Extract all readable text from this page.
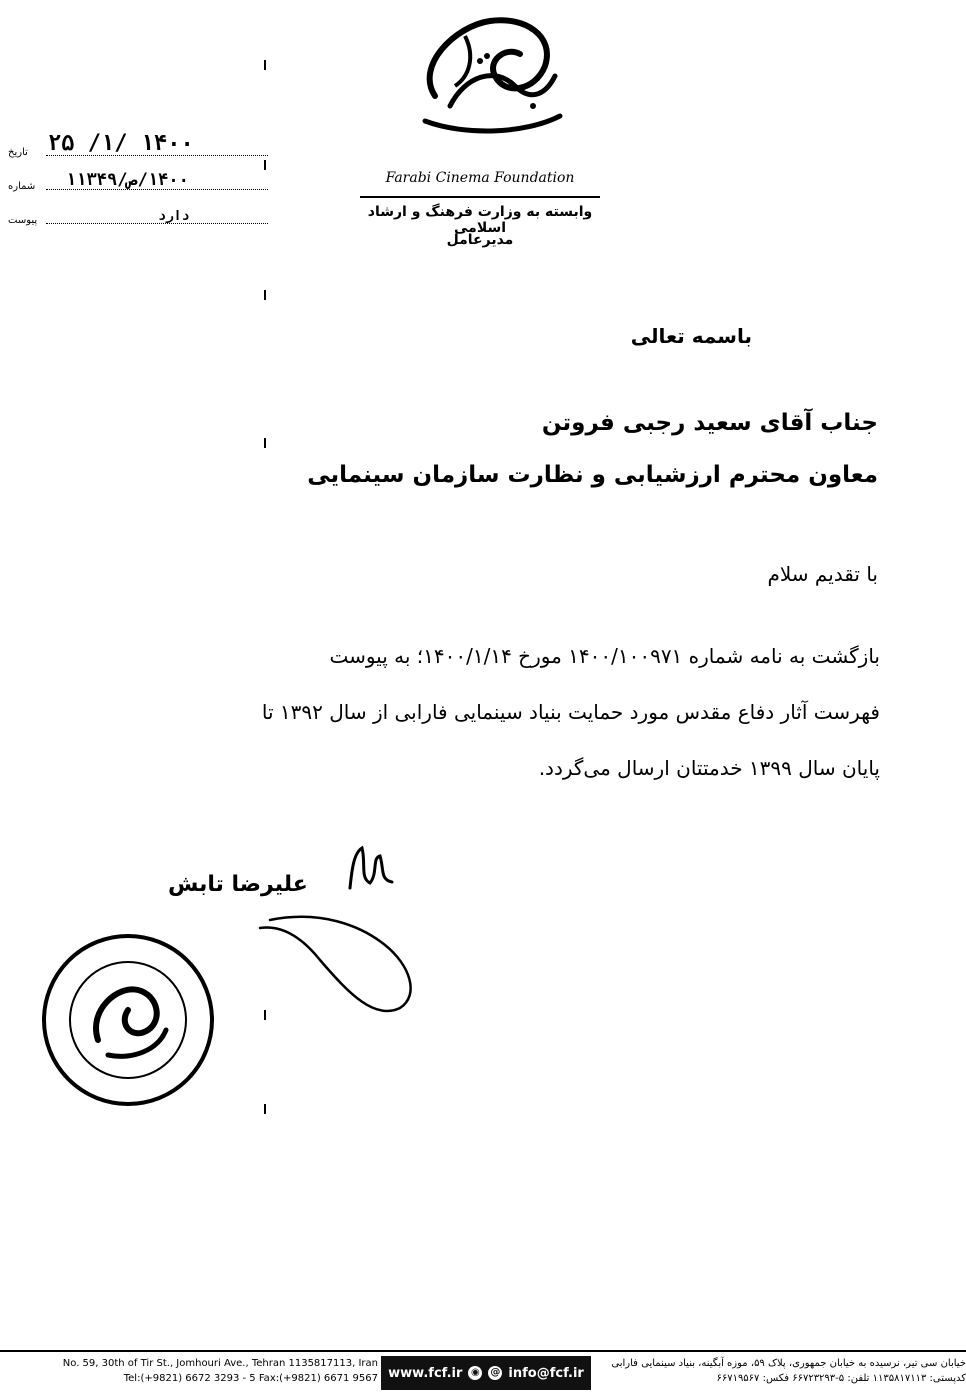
Farabi Cinema Foundation
وابسته به وزارت فرهنگ و ارشاد اسلامی
مدیرعامل
تاریخ ۱۴۰۰ /۱/ ۲۵
شماره ۱۴۰۰/ص/۱۱۳۴۹
پیوست	دارد
باسمه تعالی
جناب آقای سعید رجبی فروتن
معاون محترم ارزشیابی و نظارت سازمان سینمایی
با تقدیم سلام
بازگشت به نامه شماره ۱۴۰۰/۱۰۰۹۷۱ مورخ ۱۴۰۰/۱/۱۴؛ به پیوست
فهرست آثار دفاع مقدس مورد حمایت بنیاد سینمایی فارابی از سال ۱۳۹۲ تا
پایان سال ۱۳۹۹ خدمتتان ارسال می‌گردد.
علیرضا تابش
No. 59, 30th of Tir St., Jomhouri Ave., Tehran 1135817113, Iran
Tel:(+9821) 6672 3293 - 5 Fax:(+9821) 6671 9567 www.fcf.ir ◉ @ info@fcf.ir
خیابان سی تیر، نرسیده به خیابان جمهوری، پلاک ۵۹، موزه آبگینه، بنیاد سینمایی فارابی
کدپستی: ۱۱۳۵۸۱۷۱۱۳ تلفن: ۵-۶۶۷۲۳۲۹۳ فکس: ۶۶۷۱۹۵۶۷
